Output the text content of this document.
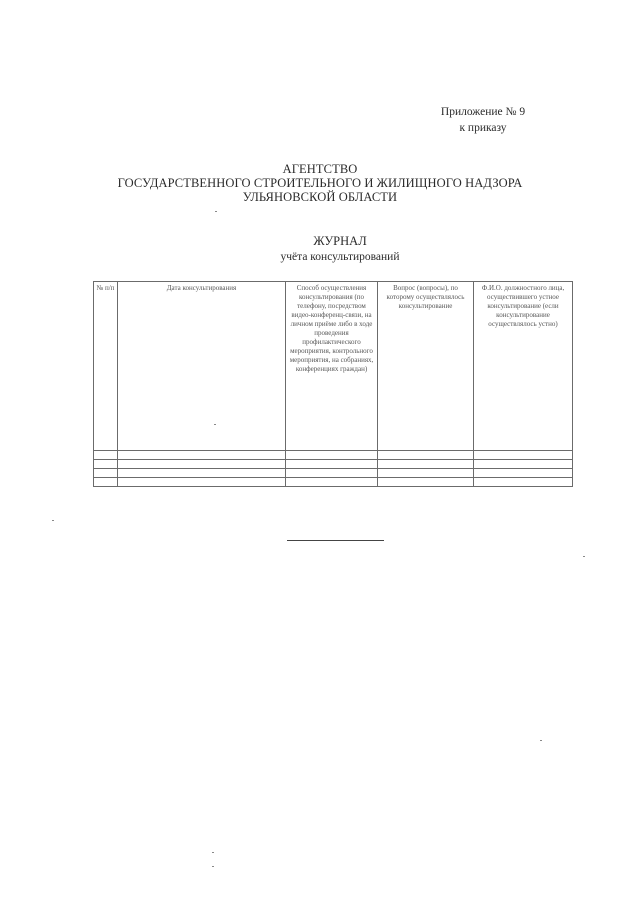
Приложение № 9
к приказу
АГЕНТСТВО
ГОСУДАРСТВЕННОГО СТРОИТЕЛЬНОГО И ЖИЛИЩНОГО НАДЗОРА
УЛЬЯНОВСКОЙ ОБЛАСТИ
ЖУРНАЛ
учёта консультирований
№ п/п	Дата консультирования	Способ осуществления консультирования (по телефону, посредством видео-конференц-связи, на личном приёме либо в ходе проведения профилактического мероприятия, контрольного мероприятия, на собраниях, конференциях граждан)	Вопрос (вопросы), по которому осуществлялось консультирование	Ф.И.О. должностного лица, осуществившего устное консультирование (если консультирование осуществлялось устно)
